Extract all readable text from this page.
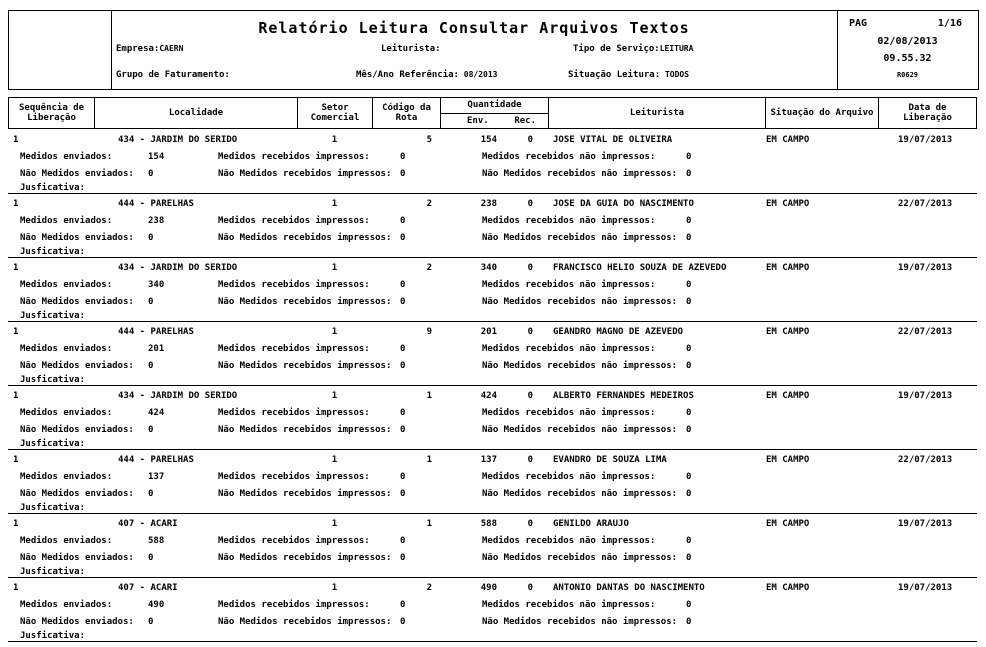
Relatório Leitura Consultar Arquivos Textos
Empresa:CAERN	Leiturista:	Tipo de Serviço:LEITURA
Grupo de Faturamento:	Mês/Ano Referência: 08/2013	Situação Leitura: TODOS
PAG	1/16
02/08/2013
09.55.32
R0629
Sequência de
Liberação	Localidade	Setor
Comercial
Código da
Rota
Quantidade
Env.	Rec.
Leiturista	Situação do Arquivo	Data de
Liberação
1	434 - JARDIM DO SERIDO	1	5	154	0 JOSE VITAL DE OLIVEIRA	EM CAMPO	19/07/2013
Medidos enviados:	154	Medidos recebidos impressos:	0	Medidos recebidos não impressos:	0
Não Medidos enviados: 0	Não Medidos recebidos impressos: 0	Não Medidos recebidos não impressos: 0
Jusficativa:
1	444 - PARELHAS	1	2	238	0 JOSE DA GUIA DO NASCIMENTO	EM CAMPO	22/07/2013
Medidos enviados:	238	Medidos recebidos impressos:	0	Medidos recebidos não impressos:	0
Não Medidos enviados: 0	Não Medidos recebidos impressos: 0	Não Medidos recebidos não impressos: 0
Jusficativa:
1	434 - JARDIM DO SERIDO	1	2	340	0 FRANCISCO HELIO SOUZA DE AZEVEDO	EM CAMPO	19/07/2013
Medidos enviados:	340	Medidos recebidos impressos:	0	Medidos recebidos não impressos:	0
Não Medidos enviados: 0	Não Medidos recebidos impressos: 0	Não Medidos recebidos não impressos: 0
Jusficativa:
1	444 - PARELHAS	1	9	201	0 GEANDRO MAGNO DE AZEVEDO	EM CAMPO	22/07/2013
Medidos enviados:	201	Medidos recebidos impressos:	0	Medidos recebidos não impressos:	0
Não Medidos enviados: 0	Não Medidos recebidos impressos: 0	Não Medidos recebidos não impressos: 0
Jusficativa:
1	434 - JARDIM DO SERIDO	1	1	424	0 ALBERTO FERNANDES MEDEIROS	EM CAMPO	19/07/2013
Medidos enviados:	424	Medidos recebidos impressos:	0	Medidos recebidos não impressos:	0
Não Medidos enviados: 0	Não Medidos recebidos impressos: 0	Não Medidos recebidos não impressos: 0
Jusficativa:
1	444 - PARELHAS	1	1	137	0 EVANDRO DE SOUZA LIMA	EM CAMPO	22/07/2013
Medidos enviados:	137	Medidos recebidos impressos:	0	Medidos recebidos não impressos:	0
Não Medidos enviados: 0	Não Medidos recebidos impressos: 0	Não Medidos recebidos não impressos: 0
Jusficativa:
1	407 - ACARI	1	1	588	0 GENILDO ARAUJO	EM CAMPO	19/07/2013
Medidos enviados:	588	Medidos recebidos impressos:	0	Medidos recebidos não impressos:	0
Não Medidos enviados: 0	Não Medidos recebidos impressos: 0	Não Medidos recebidos não impressos: 0
Jusficativa:
1	407 - ACARI	1	2	490	0 ANTONIO DANTAS DO NASCIMENTO	EM CAMPO	19/07/2013
Medidos enviados:	490	Medidos recebidos impressos:	0	Medidos recebidos não impressos:	0
Não Medidos enviados: 0	Não Medidos recebidos impressos: 0	Não Medidos recebidos não impressos: 0
Jusficativa:
